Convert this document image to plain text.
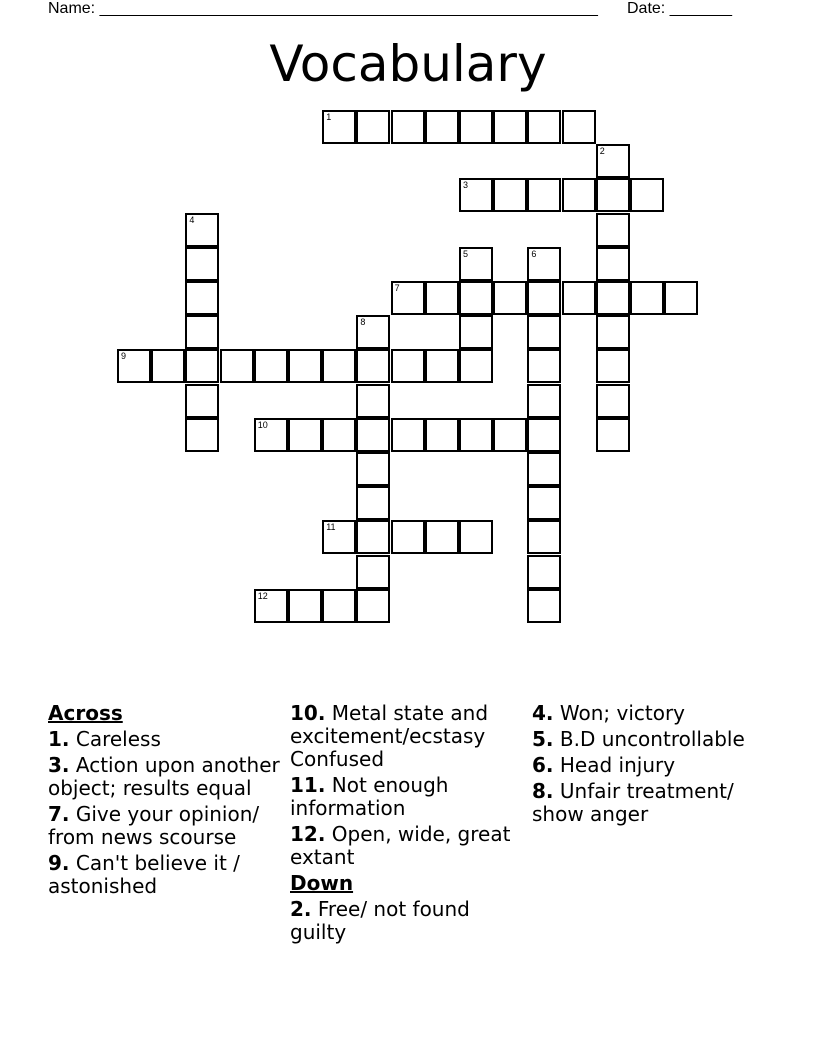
Name: ________________________________________________________ Date: _______
Vocabulary
1
3
7
9
10
11
12
2
4
5	6
8
Across
1. Careless
3. Action upon another object; results equal
7. Give your opinion/ from news scourse
9. Can't believe it / astonished
10. Metal state and excitement/ecstasy Confused
11. Not enough information
12. Open, wide, great extant
Down
2. Free/ not found guilty
4. Won; victory
5. B.D uncontrollable
6. Head injury
8. Unfair treatment/ show anger
